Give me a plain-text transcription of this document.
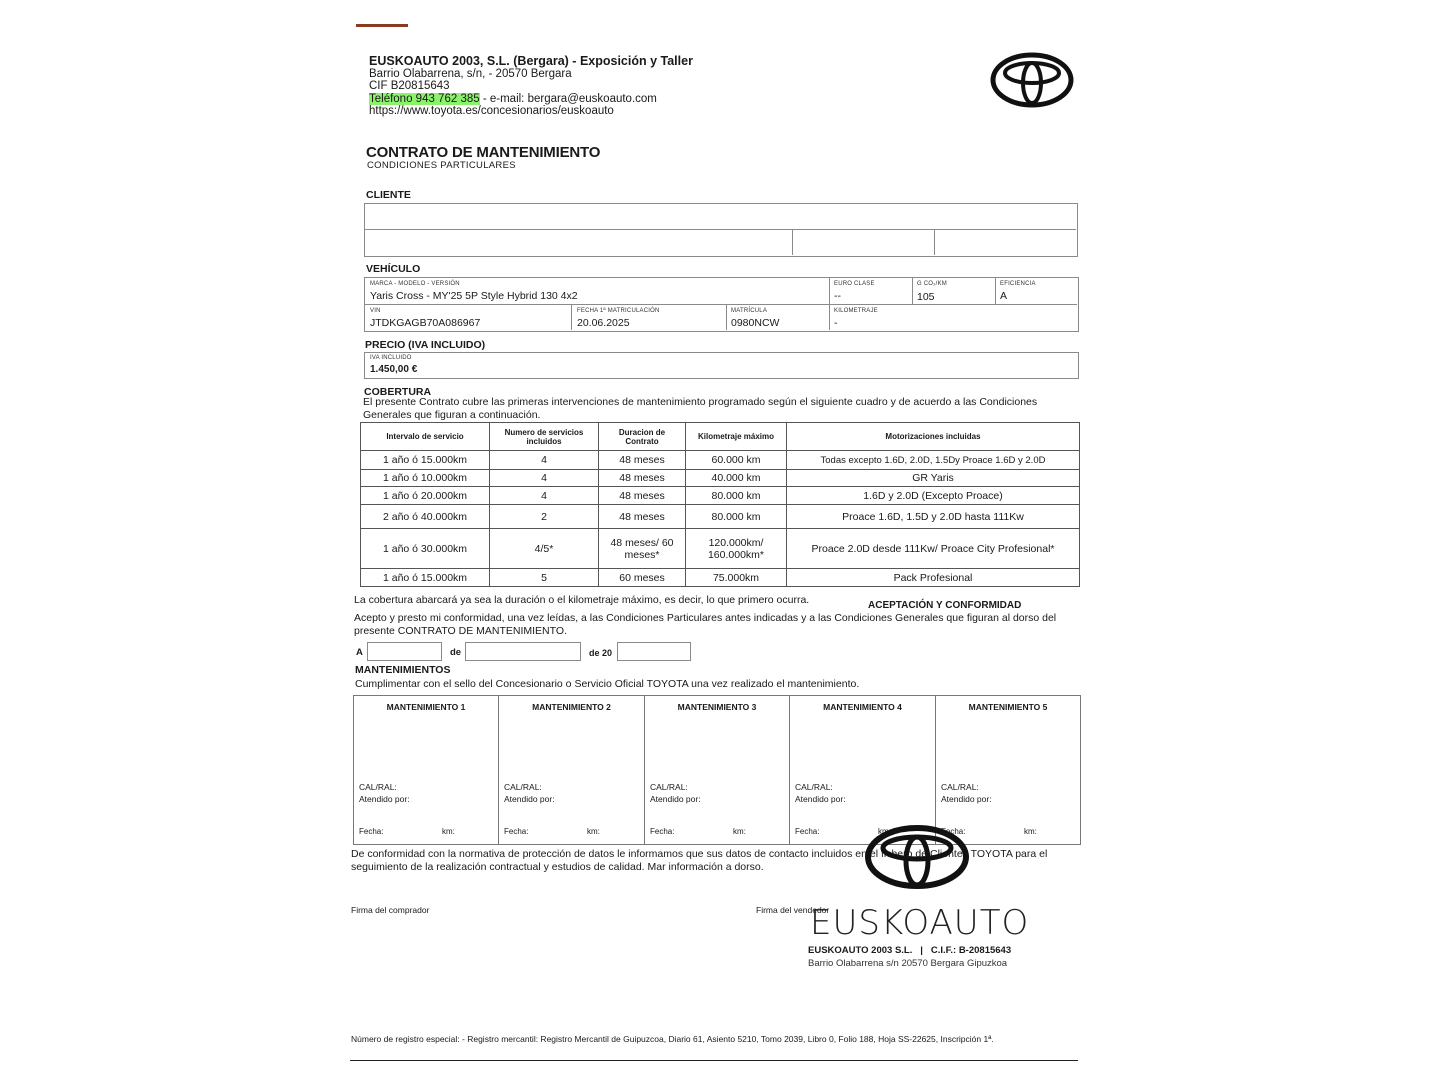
EUSKOAUTO 2003, S.L. (Bergara) - Exposición y Taller
Barrio Olabarrena, s/n, - 20570 Bergara
CIF B20815643
Teléfono 943 762 385 - e-mail: bergara@euskoauto.com
https://www.toyota.es/concesionarios/euskoauto
CONTRATO DE MANTENIMIENTO
CONDICIONES PARTICULARES
CLIENTE
VEHÍCULO
MARCA - MODELO - VERSIÓN
Yaris Cross - MY'25 5P Style Hybrid 130 4x2
EURO CLASE
--
G CO₂/KM
105
EFICIENCIA
A
VIN
JTDKGAGB70A086967
FECHA 1ª MATRICULACIÓN
20.06.2025
MATRÍCULA
0980NCW
KILOMETRAJE
-
PRECIO (IVA INCLUIDO)
IVA INCLUIDO
1.450,00 €
COBERTURA
El presente Contrato cubre las primeras intervenciones de mantenimiento programado según el siguiente cuadro y de acuerdo a las Condiciones Generales que figuran a continuación.
Intervalo de servicio	Numero de servicios incluidos	Duracion de Contrato	Kilometraje máximo	Motorizaciones incluidas
1 año ó 15.000km	4	48 meses	60.000 km	Todas excepto 1.6D, 2.0D, 1.5Dy Proace 1.6D y 2.0D
1 año ó 10.000km	4	48 meses	40.000 km	GR Yaris
1 año ó 20.000km	4	48 meses	80.000 km	1.6D y 2.0D (Excepto Proace)
2 año ó 40.000km	2	48 meses	80.000 km	Proace 1.6D, 1.5D y 2.0D hasta 111Kw
1 año ó 30.000km	4/5*	48 meses/ 60 meses*	120.000km/ 160.000km*	Proace 2.0D desde 111Kw/ Proace City Profesional*
1 año ó 15.000km	5	60 meses	75.000km	Pack Profesional
La cobertura abarcará ya sea la duración o el kilometraje máximo, es decir, lo que primero ocurra.	ACEPTACIÓN Y CONFORMIDAD
Acepto y presto mi conformidad, una vez leídas, a las Condiciones Particulares antes indicadas y a las Condiciones Generales que figuran al dorso del presente CONTRATO DE MANTENIMIENTO.
A	de	de 20
MANTENIMIENTOS
Cumplimentar con el sello del Concesionario o Servicio Oficial TOYOTA una vez realizado el mantenimiento.
MANTENIMIENTO 1
CAL/RAL:
Atendido por:
Fecha:	km:
MANTENIMIENTO 2
CAL/RAL:
Atendido por:
Fecha:	km:
MANTENIMIENTO 3
CAL/RAL:
Atendido por:
Fecha:	km:
MANTENIMIENTO 4
CAL/RAL:
Atendido por:
Fecha:	km:
MANTENIMIENTO 5
CAL/RAL:
Atendido por:
Fecha:	km:
De conformidad con la normativa de protección de datos le informamos que sus datos de contacto incluidos en el fichero de Clientes TOYOTA para el seguimiento de la realización contractual y estudios de calidad. Mar información a dorso.
Firma del comprador	Firma del vendedor
EUSKOAUTO
EUSKOAUTO 2003 S.L.   |   C.I.F.: B-20815643
Barrio Olabarrena s/n 20570 Bergara Gipuzkoa
Número de registro especial: - Registro mercantil: Registro Mercantil de Guipuzcoa, Diario 61, Asiento 5210, Tomo 2039, Libro 0, Folio 188, Hoja SS-22625, Inscripción 1ª.
